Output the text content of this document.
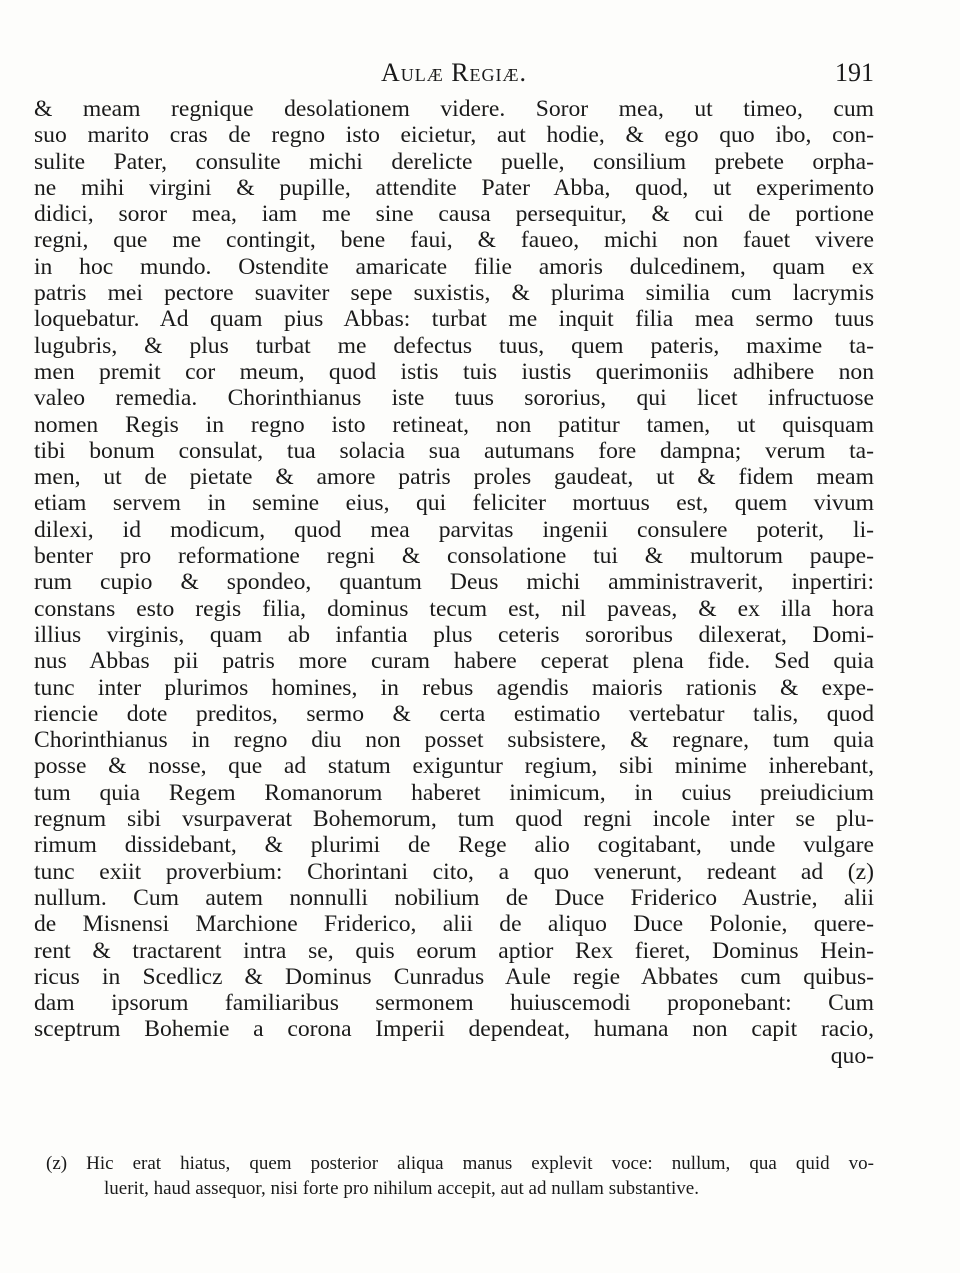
Aulæ Regiæ.	191
& meam regnique desolationem videre. Soror mea, ut timeo, cum
suo marito cras de regno isto eicietur, aut hodie, & ego quo ibo, con-
sulite Pater, consulite michi derelicte puelle, consilium prebete orpha-
ne mihi virgini & pupille, attendite Pater Abba, quod, ut experimento
didici, soror mea, iam me sine causa persequitur, & cui de portione
regni, que me contingit, bene faui, & faueo, michi non fauet vivere
in hoc mundo. Ostendite amaricate filie amoris dulcedinem, quam ex
patris mei pectore suaviter sepe suxistis, & plurima similia cum lacrymis
loquebatur. Ad quam pius Abbas: turbat me inquit filia mea sermo tuus
lugubris, & plus turbat me defectus tuus, quem pateris, maxime ta-
men premit cor meum, quod istis tuis iustis querimoniis adhibere non
valeo remedia. Chorinthianus iste tuus sororius, qui licet infructuose
nomen Regis in regno isto retineat, non patitur tamen, ut quisquam
tibi bonum consulat, tua solacia sua autumans fore dampna; verum ta-
men, ut de pietate & amore patris proles gaudeat, ut & fidem meam
etiam servem in semine eius, qui feliciter mortuus est, quem vivum
dilexi, id modicum, quod mea parvitas ingenii consulere poterit, li-
benter pro reformatione regni & consolatione tui & multorum paupe-
rum cupio & spondeo, quantum Deus michi amministraverit, inpertiri:
constans esto regis filia, dominus tecum est, nil paveas, & ex illa hora
illius virginis, quam ab infantia plus ceteris sororibus dilexerat, Domi-
nus Abbas pii patris more curam habere ceperat plena fide. Sed quia
tunc inter plurimos homines, in rebus agendis maioris rationis & expe-
riencie dote preditos, sermo & certa estimatio vertebatur talis, quod
Chorinthianus in regno diu non posset subsistere, & regnare, tum quia
posse & nosse, que ad statum exiguntur regium, sibi minime inherebant,
tum quia Regem Romanorum haberet inimicum, in cuius preiudicium
regnum sibi vsurpaverat Bohemorum, tum quod regni incole inter se plu-
rimum dissidebant, & plurimi de Rege alio cogitabant, unde vulgare
tunc exiit proverbium: Chorintani cito, a quo venerunt, redeant ad (z)
nullum. Cum autem nonnulli nobilium de Duce Friderico Austrie, alii
de Misnensi Marchione Friderico, alii de aliquo Duce Polonie, quere-
rent & tractarent intra se, quis eorum aptior Rex fieret, Dominus Hein-
ricus in Scedlicz & Dominus Cunradus Aule regie Abbates cum quibus-
dam ipsorum familiaribus sermonem huiuscemodi proponebant: Cum
sceptrum Bohemie a corona Imperii dependeat, humana non capit racio,
quo-
(z) Hic erat hiatus, quem posterior aliqua manus explevit voce: nullum, qua quid vo-
luerit, haud assequor, nisi forte pro nihilum accepit, aut ad nullam substantive.
